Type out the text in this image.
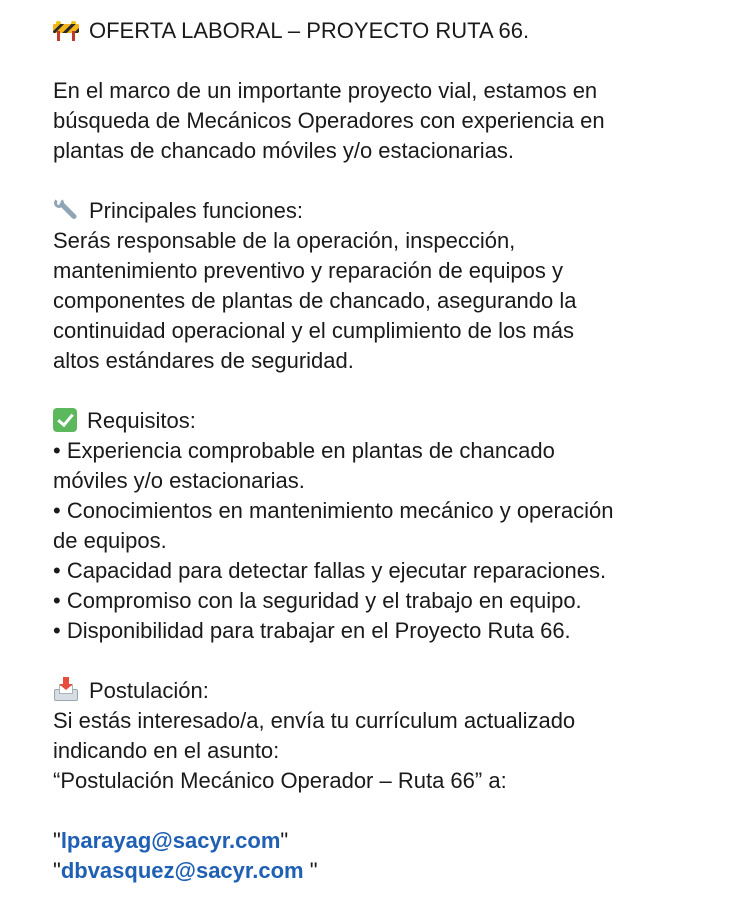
OFERTA LABORAL – PROYECTO RUTA 66.
En el marco de un importante proyecto vial, estamos en
búsqueda de Mecánicos Operadores con experiencia en
plantas de chancado móviles y/o estacionarias.
Principales funciones:
Serás responsable de la operación, inspección,
mantenimiento preventivo y reparación de equipos y
componentes de plantas de chancado, asegurando la
continuidad operacional y el cumplimiento de los más
altos estándares de seguridad.
Requisitos:
• Experiencia comprobable en plantas de chancado
móviles y/o estacionarias.
• Conocimientos en mantenimiento mecánico y operación
de equipos.
• Capacidad para detectar fallas y ejecutar reparaciones.
• Compromiso con la seguridad y el trabajo en equipo.
• Disponibilidad para trabajar en el Proyecto Ruta 66.
Postulación:
Si estás interesado/a, envía tu currículum actualizado
indicando en el asunto:
“Postulación Mecánico Operador – Ruta 66” a:
"lparayag@sacyr.com"
"dbvasquez@sacyr.com "
